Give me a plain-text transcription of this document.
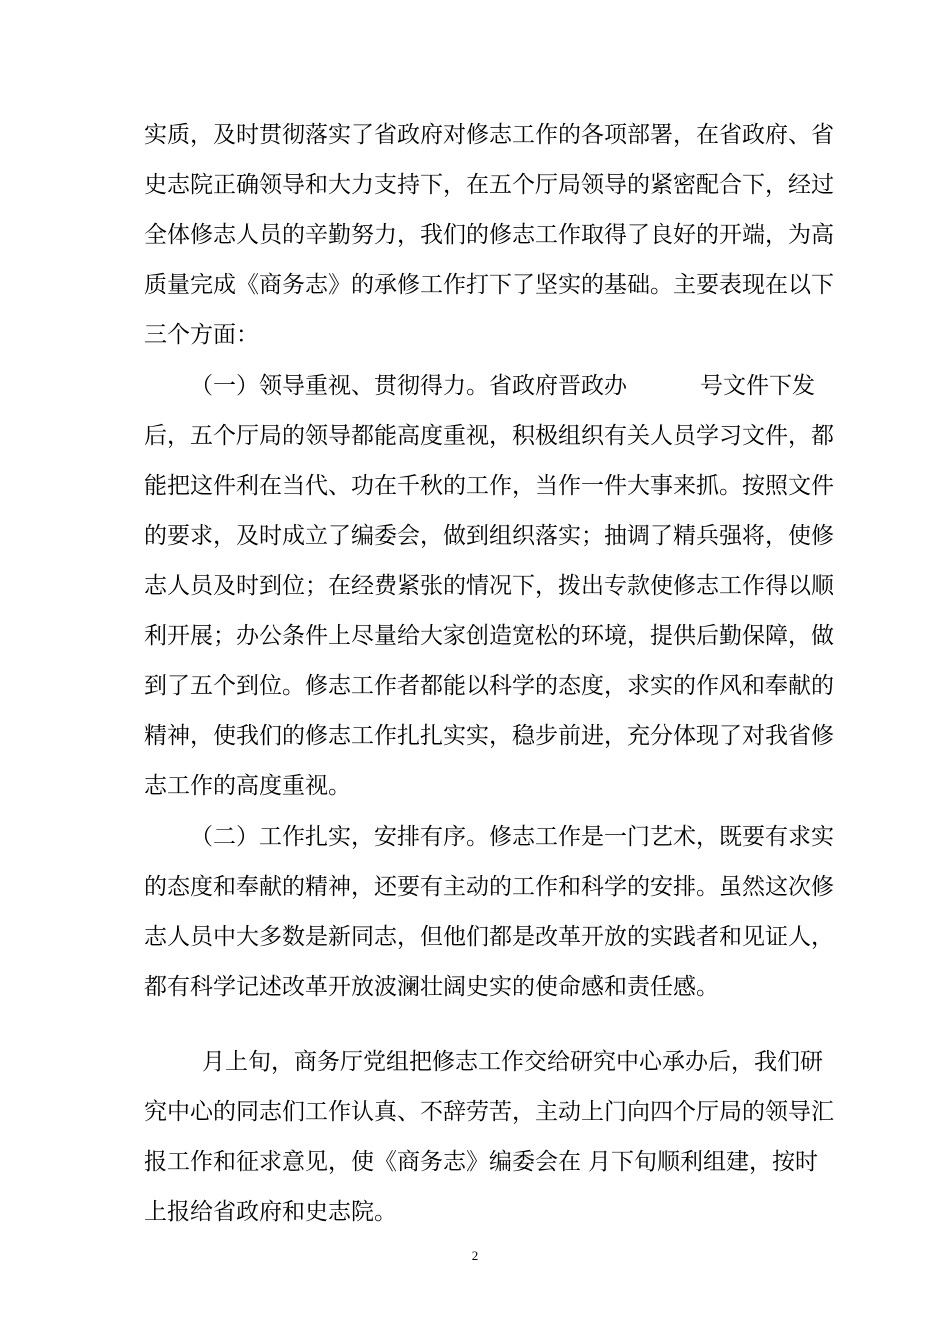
实质，及时贯彻落实了省政府对修志工作的各项部署，在省政府、省
史志院正确领导和大力支持下，在五个厅局领导的紧密配合下，经过
全体修志人员的辛勤努力，我们的修志工作取得了良好的开端，为高
质量完成《商务志》的承修工作打下了坚实的基础。主要表现在以下
三个方面：
（一）领导重视、贯彻得力。省政府晋政办	号文件下发
后，五个厅局的领导都能高度重视，积极组织有关人员学习文件，都
能把这件利在当代、功在千秋的工作，当作一件大事来抓。按照文件
的要求，及时成立了编委会，做到组织落实；抽调了精兵强将，使修
志人员及时到位；在经费紧张的情况下，拨出专款使修志工作得以顺
利开展；办公条件上尽量给大家创造宽松的环境，提供后勤保障，做
到了五个到位。修志工作者都能以科学的态度，求实的作风和奉献的
精神，使我们的修志工作扎扎实实，稳步前进，充分体现了对我省修
志工作的高度重视。
（二）工作扎实，安排有序。修志工作是一门艺术，既要有求实
的态度和奉献的精神，还要有主动的工作和科学的安排。虽然这次修
志人员中大多数是新同志，但他们都是改革开放的实践者和见证人，
都有科学记述改革开放波澜壮阔史实的使命感和责任感。
月上旬，商务厅党组把修志工作交给研究中心承办后，我们研
究中心的同志们工作认真、不辞劳苦，主动上门向四个厅局的领导汇
报工作和征求意见，使《商务志》编委会在 月下旬顺利组建，按时
上报给省政府和史志院。
2
